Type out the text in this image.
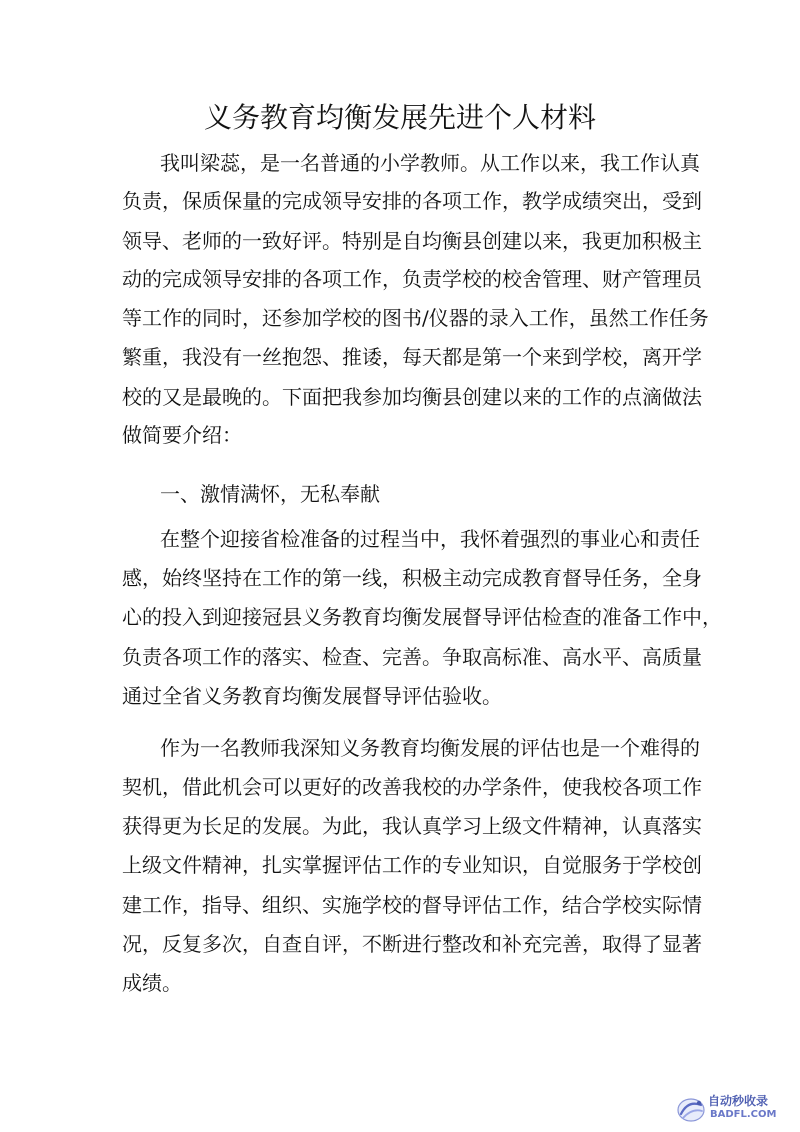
义务教育均衡发展先进个人材料

我叫梁蕊，是一名普通的小学教师。从工作以来，我工作认真

负责，保质保量的完成领导安排的各项工作，教学成绩突出，受到

领导、老师的一致好评。特别是自均衡县创建以来，我更加积极主

动的完成领导安排的各项工作，负责学校的校舍管理、财产管理员

等工作的同时，还参加学校的图书/仪器的录入工作，虽然工作任务

繁重，我没有一丝抱怨、推诿，每天都是第一个来到学校，离开学

校的又是最晚的。下面把我参加均衡县创建以来的工作的点滴做法

做简要介绍：

一、激情满怀，无私奉献

在整个迎接省检准备的过程当中，我怀着强烈的事业心和责任

感，始终坚持在工作的第一线，积极主动完成教育督导任务，全身

心的投入到迎接冠县义务教育均衡发展督导评估检查的准备工作中，

负责各项工作的落实、检查、完善。争取高标准、高水平、高质量

通过全省义务教育均衡发展督导评估验收。

作为一名教师我深知义务教育均衡发展的评估也是一个难得的

契机，借此机会可以更好的改善我校的办学条件，使我校各项工作

获得更为长足的发展。为此，我认真学习上级文件精神，认真落实

上级文件精神，扎实掌握评估工作的专业知识，自觉服务于学校创

建工作，指导、组织、实施学校的督导评估工作，结合学校实际情

况，反复多次，自查自评，不断进行整改和补充完善，取得了显著

成绩。

自动秒收录
BADFL.COM
